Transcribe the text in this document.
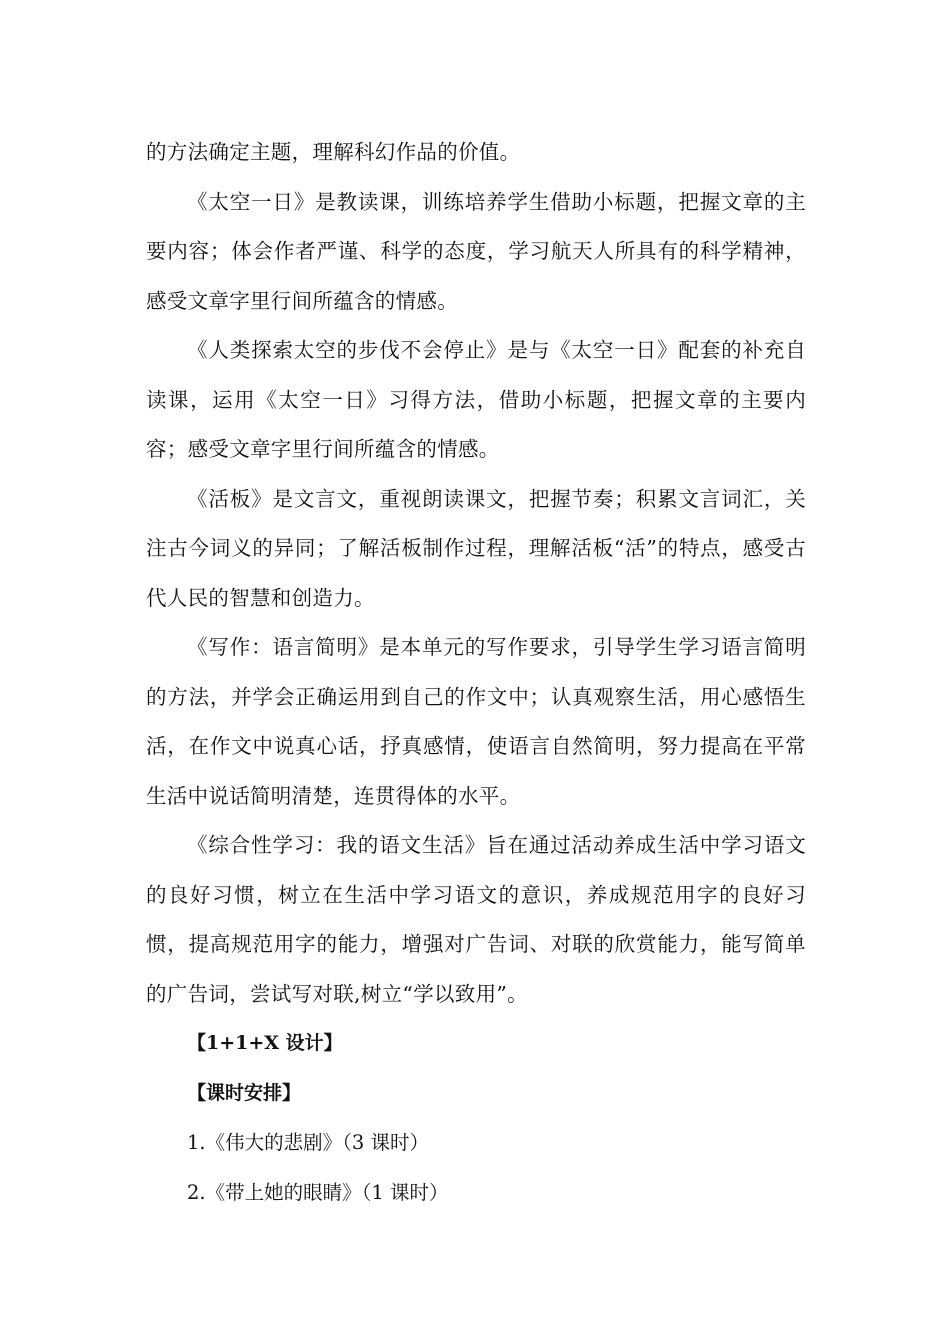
的方法确定主题，理解科幻作品的价值。

《太空一日》是教读课，训练培养学生借助小标题，把握文章的主要内容；体会作者严谨、科学的态度，学习航天人所具有的科学精神，感受文章字里行间所蕴含的情感。

《人类探索太空的步伐不会停止》是与《太空一日》配套的补充自读课，运用《太空一日》习得方法，借助小标题，把握文章的主要内容；感受文章字里行间所蕴含的情感。

《活板》是文言文，重视朗读课文，把握节奏；积累文言词汇，关注古今词义的异同；了解活板制作过程，理解活板“活”的特点，感受古代人民的智慧和创造力。

《写作：语言简明》是本单元的写作要求，引导学生学习语言简明的方法，并学会正确运用到自己的作文中；认真观察生活，用心感悟生活，在作文中说真心话，抒真感情，使语言自然简明，努力提高在平常生活中说话简明清楚，连贯得体的水平。

《综合性学习：我的语文生活》旨在通过活动养成生活中学习语文的良好习惯，树立在生活中学习语文的意识，养成规范用字的良好习惯，提高规范用字的能力，增强对广告词、对联的欣赏能力，能写简单的广告词，尝试写对联,树立“学以致用”。

【1+1+X 设计】

【课时安排】

1.《伟大的悲剧》（3 课时）

2.《带上她的眼睛》（1 课时）
